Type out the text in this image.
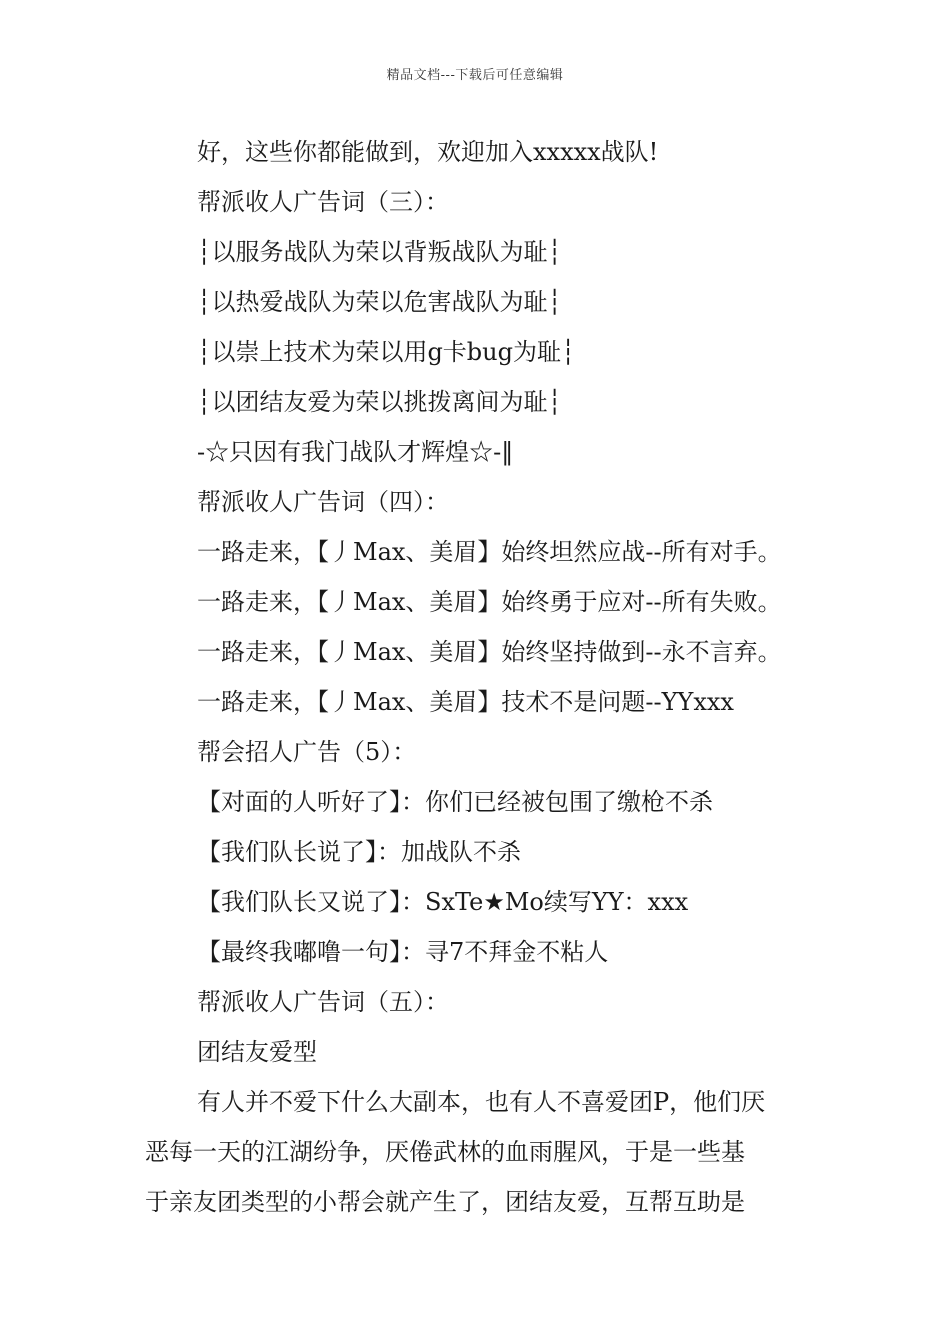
精品文档---下载后可任意编辑
好，这些你都能做到，欢迎加入xxxxx战队!
帮派收人广告词（三）：
┆以服务战队为荣以背叛战队为耻┆
┆以热爱战队为荣以危害战队为耻┆
┆以崇上技术为荣以用g卡bug为耻┆
┆以团结友爱为荣以挑拨离间为耻┆
-☆只因有我门战队才辉煌☆-‖
帮派收人广告词（四）：
一路走来，【丿Max、美眉】始终坦然应战--所有对手。
一路走来，【丿Max、美眉】始终勇于应对--所有失败。
一路走来，【丿Max、美眉】始终坚持做到--永不言弃。
一路走来，【丿Max、美眉】技术不是问题--YYxxx
帮会招人广告（5）：
【对面的人听好了】：你们已经被包围了缴枪不杀
【我们队长说了】：加战队不杀
【我们队长又说了】：SxTe★Mo续写YY：xxx
【最终我嘟噜一句】：寻7不拜金不粘人
帮派收人广告词（五）：
团结友爱型
有人并不爱下什么大副本，也有人不喜爱团P，他们厌
恶每一天的江湖纷争，厌倦武林的血雨腥风，于是一些基
于亲友团类型的小帮会就产生了，团结友爱，互帮互助是
